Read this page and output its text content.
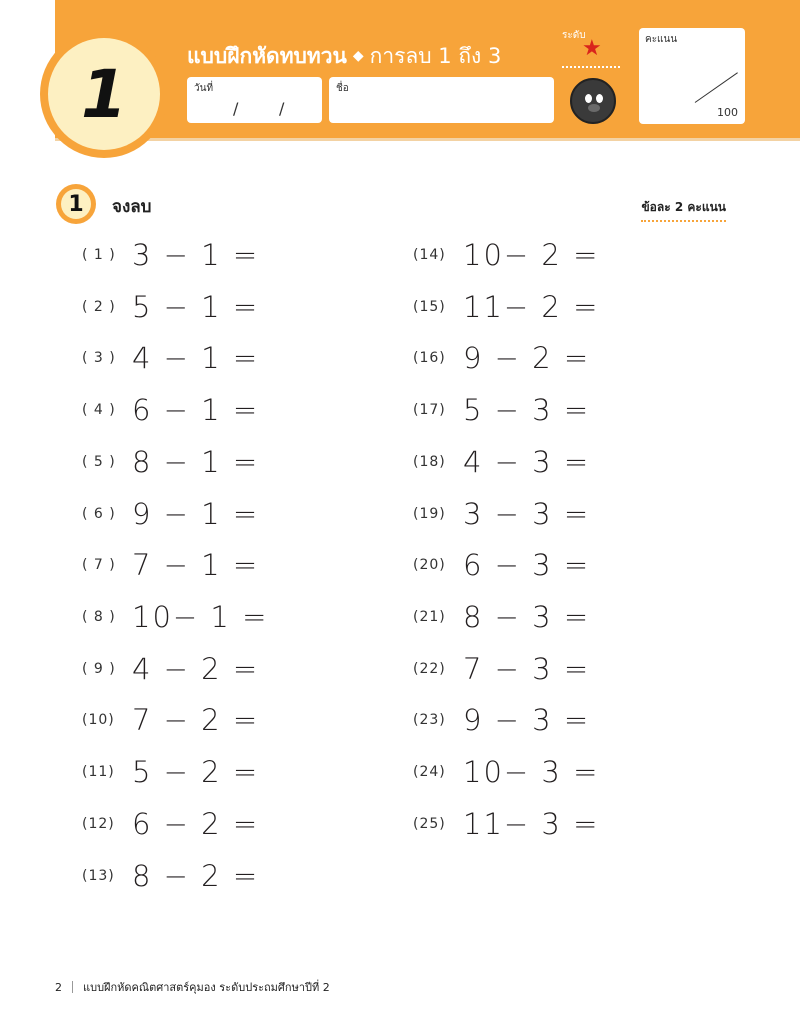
1	แบบฝึกหัดทบทวน ◆ การลบ 1 ถึง 3
วันที่
/	/
ชื่อ
ระดับ
★	คะแนน
100
1	จงลบ	ข้อละ 2 คะแนน
( 1 ) 3 − 1 =
( 2 ) 5 − 1 =
( 3 ) 4 − 1 =
( 4 ) 6 − 1 =
( 5 ) 8 − 1 =
( 6 ) 9 − 1 =
( 7 ) 7 − 1 =
( 8 ) 10− 1 =
( 9 ) 4 − 2 =
(10) 7 − 2 =
(11) 5 − 2 =
(12) 6 − 2 =
(13) 8 − 2 =
(14) 10− 2 =
(15) 11− 2 =
(16) 9 − 2 =
(17) 5 − 3 =
(18) 4 − 3 =
(19) 3 − 3 =
(20) 6 − 3 =
(21) 8 − 3 =
(22) 7 − 3 =
(23) 9 − 3 =
(24) 10− 3 =
(25) 11− 3 =
2 แบบฝึกหัดคณิตศาสตร์คุมอง ระดับประถมศึกษาปีที่ 2
